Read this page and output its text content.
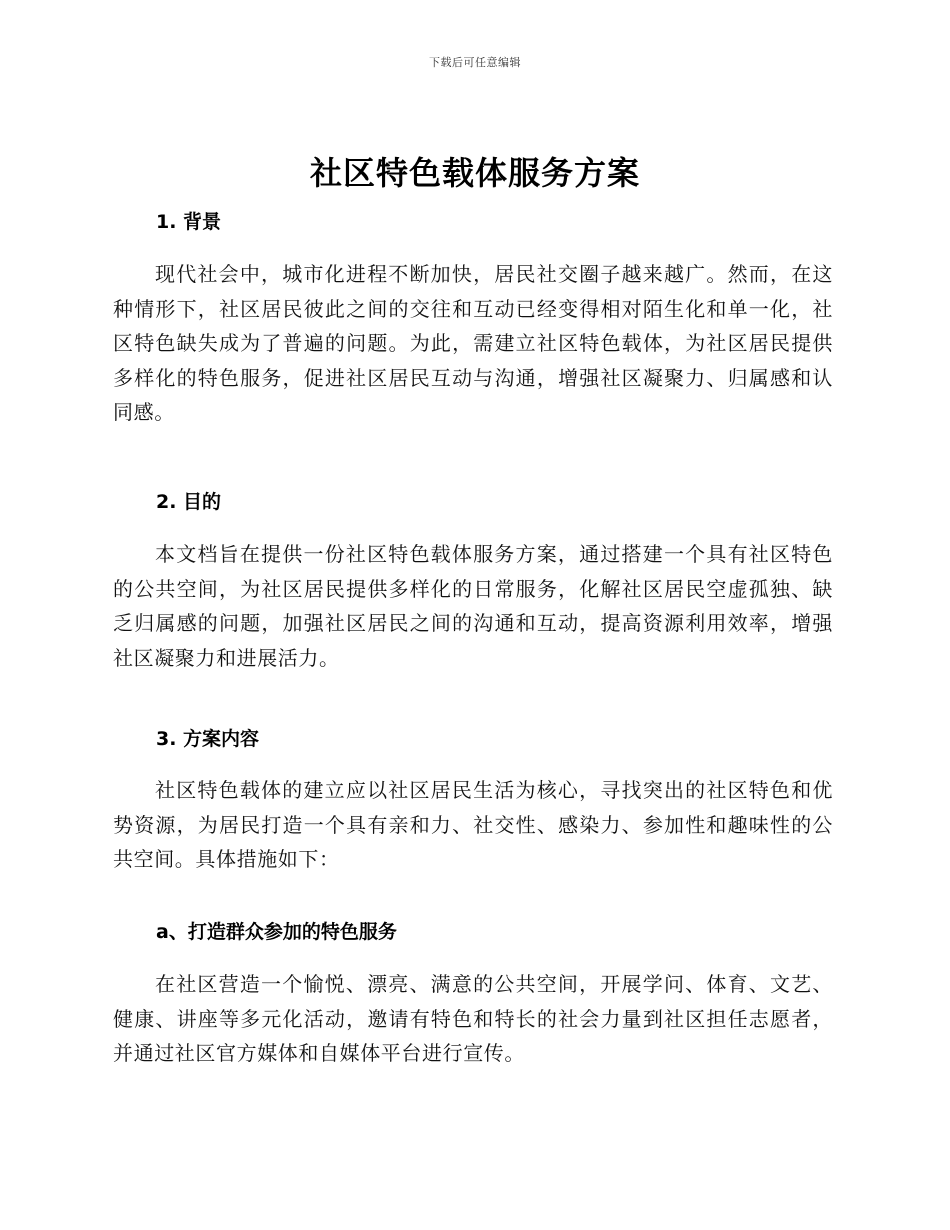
下载后可任意编辑
社区特色载体服务方案
1. 背景
现代社会中，城市化进程不断加快，居民社交圈子越来越广。然而，在这种情形下，社区居民彼此之间的交往和互动已经变得相对陌生化和单一化，社区特色缺失成为了普遍的问题。为此，需建立社区特色载体，为社区居民提供多样化的特色服务，促进社区居民互动与沟通，增强社区凝聚力、归属感和认同感。
2. 目的
本文档旨在提供一份社区特色载体服务方案，通过搭建一个具有社区特色的公共空间，为社区居民提供多样化的日常服务，化解社区居民空虚孤独、缺乏归属感的问题，加强社区居民之间的沟通和互动，提高资源利用效率，增强社区凝聚力和进展活力。
3. 方案内容
社区特色载体的建立应以社区居民生活为核心，寻找突出的社区特色和优势资源，为居民打造一个具有亲和力、社交性、感染力、参加性和趣味性的公共空间。具体措施如下：
a、打造群众参加的特色服务
在社区营造一个愉悦、漂亮、满意的公共空间，开展学问、体育、文艺、健康、讲座等多元化活动，邀请有特色和特长的社会力量到社区担任志愿者，并通过社区官方媒体和自媒体平台进行宣传。
